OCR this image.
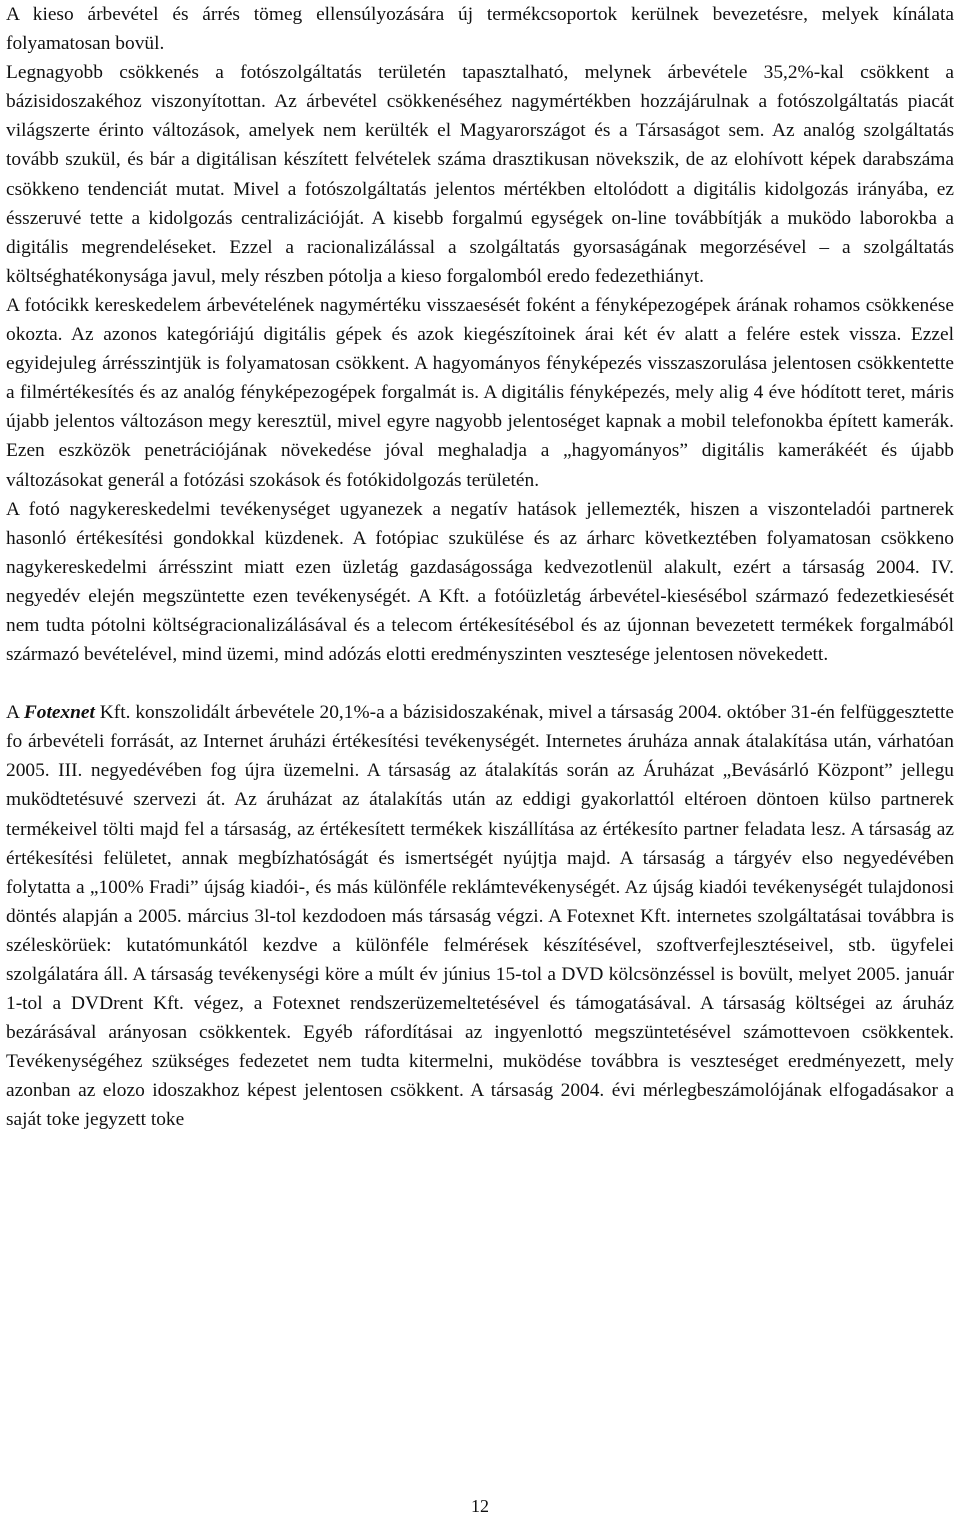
A kieso árbevétel és árrés tömeg ellensúlyozására új termékcsoportok kerülnek bevezetésre, melyek kínálata folyamatosan bovül.

Legnagyobb csökkenés a fotószolgáltatás területén tapasztalható, melynek árbevétele 35,2%-kal csökkent a bázisidoszakéhoz viszonyítottan. Az árbevétel csökkenéséhez nagymértékben hozzájárulnak a fotószolgáltatás piacát világszerte érinto változások, amelyek nem kerülték el Magyarországot és a Társaságot sem. Az analóg szolgáltatás tovább szukül, és bár a digitálisan készített felvételek száma drasztikusan növekszik, de az elohívott képek darabszáma csökkeno tendenciát mutat. Mivel a fotószolgáltatás jelentos mértékben eltolódott a digitális kidolgozás irányába, ez ésszeruvé tette a kidolgozás centralizációját. A kisebb forgalmú egységek on-line továbbítják a muködo laborokba a digitális megrendeléseket. Ezzel a racionalizálással a szolgáltatás gyorsaságának megorzésével – a szolgáltatás költséghatékonysága javul, mely részben pótolja a kieso forgalomból eredo fedezethiányt.

A fotócikk kereskedelem árbevételének nagymértéku visszaesését foként a fényképezogépek árának rohamos csökkenése okozta. Az azonos kategóriájú digitális gépek és azok kiegészítoinek árai két év alatt a felére estek vissza. Ezzel egyidejuleg árrésszintjük is folyamatosan csökkent. A hagyományos fényképezés visszaszorulása jelentosen csökkentette a filmértékesítés és az analóg fényképezogépek forgalmát is. A digitális fényképezés, mely alig 4 éve hódított teret, máris újabb jelentos változáson megy keresztül, mivel egyre nagyobb jelentoséget kapnak a mobil telefonokba épített kamerák. Ezen eszközök penetrációjának növekedése jóval meghaladja a „hagyományos” digitális kamerákéét és újabb változásokat generál a fotózási szokások és fotókidolgozás területén.

A fotó nagykereskedelmi tevékenységet ugyanezek a negatív hatások jellemezték, hiszen a viszonteladói partnerek hasonló értékesítési gondokkal küzdenek. A fotópiac szukülése és az árharc következtében folyamatosan csökkeno nagykereskedelmi árrésszint miatt ezen üzletág gazdaságossága kedvezotlenül alakult, ezért a társaság 2004. IV. negyedév elején megszüntette ezen tevékenységét. A Kft. a fotóüzletág árbevétel-kiesésébol származó fedezetkiesését nem tudta pótolni költségracionalizálásával és a telecom értékesítésébol és az újonnan bevezetett termékek forgalmából származó bevételével, mind üzemi, mind adózás elotti eredményszinten vesztesége jelentosen növekedett.

A Fotexnet Kft. konszolidált árbevétele 20,1%-a a bázisidoszakénak, mivel a társaság 2004. október 31-én felfüggesztette fo árbevételi forrását, az Internet áruházi értékesítési tevékenységét. Internetes áruháza annak átalakítása után, várhatóan 2005. III. negyedévében fog újra üzemelni. A társaság az átalakítás során az Áruházat „Bevásárló Központ” jellegu muködtetésuvé szervezi át. Az áruházat az átalakítás után az eddigi gyakorlattól eltéroen döntoen külso partnerek termékeivel tölti majd fel a társaság, az értékesített termékek kiszállítása az értékesíto partner feladata lesz. A társaság az értékesítési felületet, annak megbízhatóságát és ismertségét nyújtja majd. A társaság a tárgyév elso negyedévében folytatta a „100% Fradi” újság kiadói-, és más különféle reklámtevékenységét. Az újság kiadói tevékenységét tulajdonosi döntés alapján a 2005. március 3l-tol kezdodoen más társaság végzi. A Fotexnet Kft. internetes szolgáltatásai továbbra is széleskörüek: kutatómunkától kezdve a különféle felmérések készítésével, szoftverfejlesztéseivel, stb. ügyfelei szolgálatára áll. A társaság tevékenységi köre a múlt év június 15-tol a DVD kölcsönzéssel is bovült, melyet 2005. január 1-tol a DVDrent Kft. végez, a Fotexnet rendszerüzemeltetésével és támogatásával. A társaság költségei az áruház bezárásával arányosan csökkentek. Egyéb ráfordításai az ingyenlottó megszüntetésével számottevoen csökkentek. Tevékenységéhez szükséges fedezetet nem tudta kitermelni, muködése továbbra is veszteséget eredményezett, mely azonban az elozo idoszakhoz képest jelentosen csökkent. A társaság 2004. évi mérlegbeszámolójának elfogadásakor a saját toke jegyzett toke

12
